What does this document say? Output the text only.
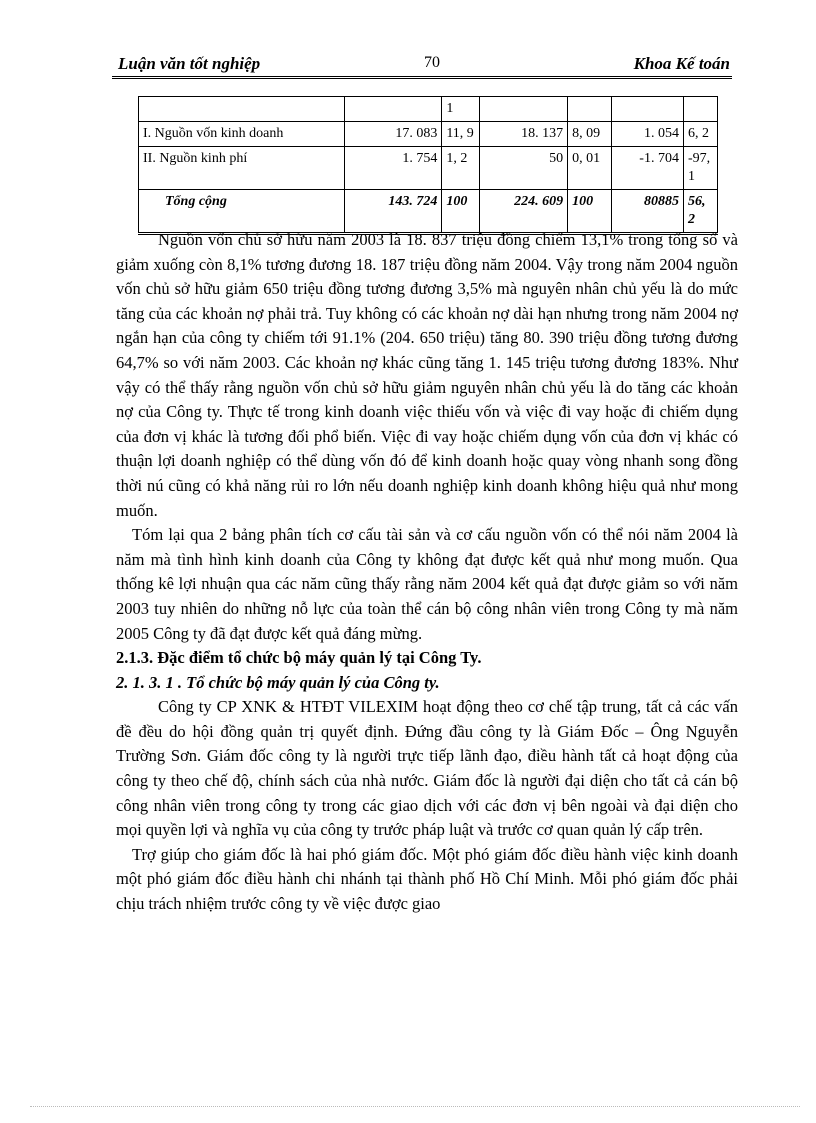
Luận văn tốt nghiệp	70	Khoa Kế toán
		1				
I. Nguồn vốn kinh doanh	17. 083	11, 9	18. 137	8, 09	1. 054	6, 2
II. Nguồn kinh phí	1. 754	1, 2	50	0, 01	-1. 704	-97, 1
Tổng cộng	143. 724	100	224. 609	100	80885	56, 2

Nguồn vốn chủ sở hữu năm 2003 là 18. 837 triệu đồng chiếm 13,1% trong tổng số và giảm xuống còn 8,1% tương đương 18. 187 triệu đồng năm 2004. Vậy trong năm 2004 nguồn vốn chủ sở hữu giảm 650 triệu đồng tương đương 3,5% mà nguyên nhân chủ yếu là do mức tăng của các khoản nợ phải trả. Tuy không có các khoản nợ dài hạn nhưng trong năm 2004 nợ ngắn hạn của công ty chiếm tới 91.1% (204. 650 triệu) tăng 80. 390 triệu đồng tương đương 64,7% so với năm 2003. Các khoản nợ khác cũng tăng 1. 145 triệu tương đương 183%. Như vậy có thể thấy rằng nguồn vốn chủ sở hữu giảm nguyên nhân chủ yếu là do tăng các khoản nợ của Công ty. Thực tế trong kinh doanh việc thiếu vốn và việc đi vay hoặc đi chiếm dụng của đơn vị khác là tương đối phổ biến. Việc đi vay hoặc chiếm dụng vốn của đơn vị khác có thuận lợi doanh nghiệp có thể dùng vốn đó để kinh doanh hoặc quay vòng nhanh song đồng thời nú cũng có khả năng rủi ro lớn nếu doanh nghiệp kinh doanh không hiệu quả như mong muốn.

Tóm lại qua 2 bảng phân tích cơ cấu tài sản và cơ cấu nguồn vốn có thể nói năm 2004 là năm mà tình hình kinh doanh của Công ty không đạt được kết quả như mong muốn. Qua thống kê lợi nhuận qua các năm cũng thấy rằng năm 2004 kết quả đạt được giảm so với năm 2003 tuy nhiên do những nỗ lực của toàn thể cán bộ công nhân viên trong Công ty mà năm 2005 Công ty đã đạt được kết quả đáng mừng.

2.1.3. Đặc điểm tổ chức bộ máy quản lý tại Công Ty.
2. 1. 3. 1 . Tổ chức bộ máy quản lý của Công ty.

Công ty CP XNK & HTĐT VILEXIM hoạt động theo cơ chế tập trung, tất cả các vấn đề đều do hội đồng quản trị quyết định. Đứng đầu công ty là Giám Đốc – Ông Nguyễn Trường Sơn. Giám đốc công ty là người trực tiếp lãnh đạo, điều hành tất cả hoạt động của công ty theo chế độ, chính sách của nhà nước. Giám đốc là người đại diện cho tất cả cán bộ công nhân viên trong công ty trong các giao dịch với các đơn vị bên ngoài và đại diện cho mọi quyền lợi và nghĩa vụ của công ty trước pháp luật và trước cơ quan quản lý cấp trên.

Trợ giúp cho giám đốc là hai phó giám đốc. Một phó giám đốc điều hành việc kinh doanh một phó giám đốc điều hành chi nhánh tại thành phố Hồ Chí Minh. Mỗi phó giám đốc phải chịu trách nhiệm trước công ty về việc được giao
